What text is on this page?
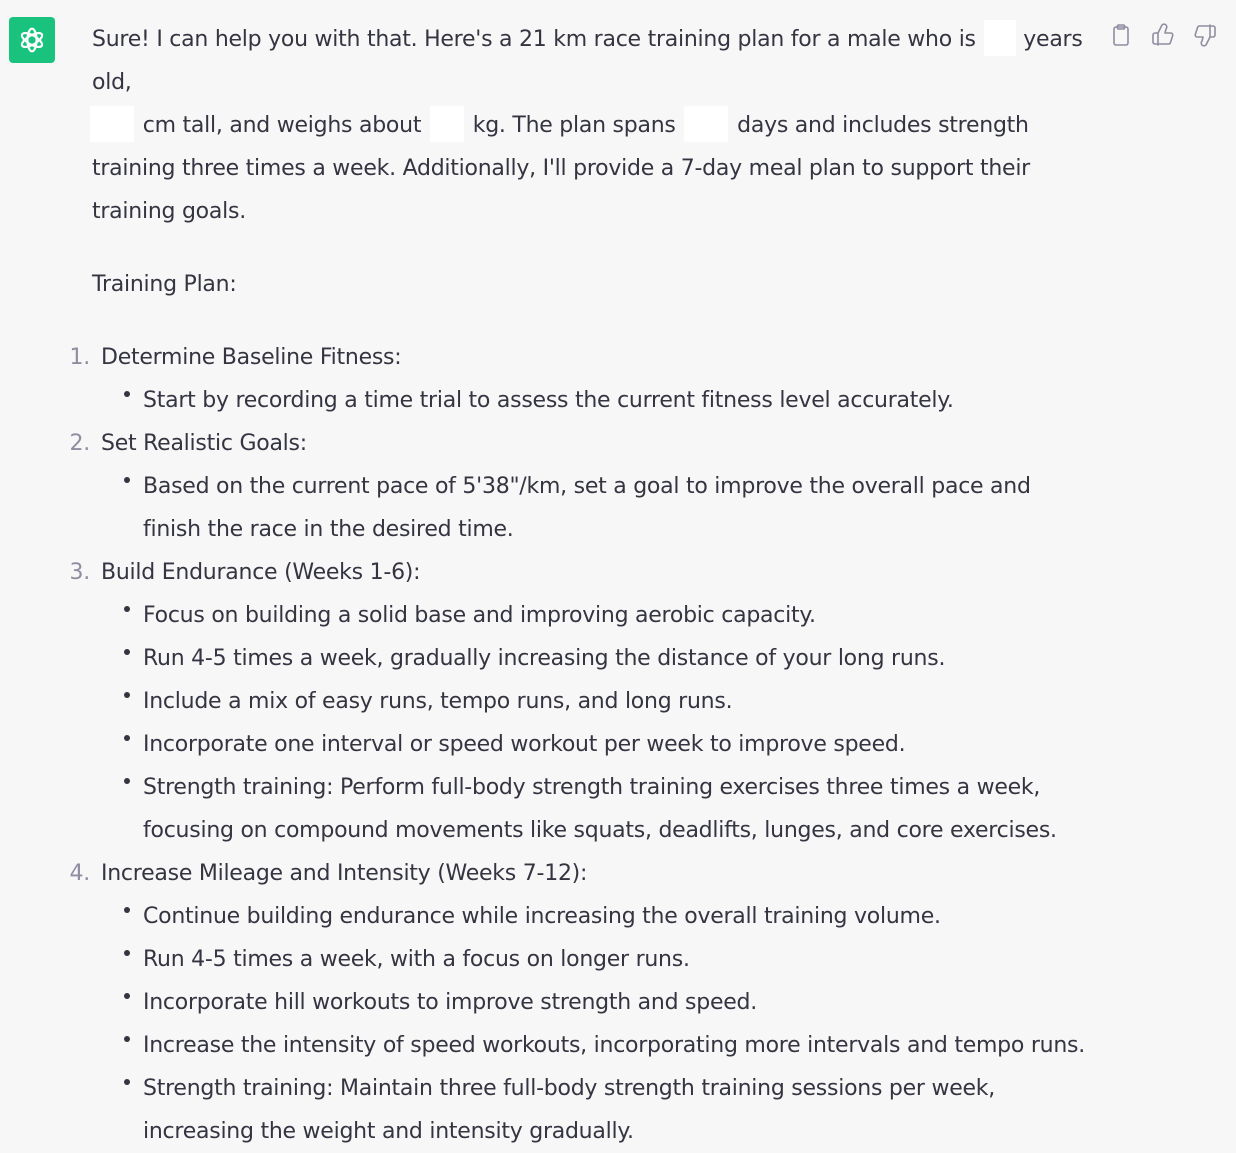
Sure! I can help you with that. Here's a 21 km race training plan for a male who is years old,
cm tall, and weighs about kg. The plan spans	days and includes strength training three times a week. Additionally, I'll provide a 7-day meal plan to support their training goals.

Training Plan:

1. Determine Baseline Fitness:
Start by recording a time trial to assess the current fitness level accurately.
2. Set Realistic Goals:
Based on the current pace of 5'38"/km, set a goal to improve the overall pace and finish the race in the desired time.
3. Build Endurance (Weeks 1-6):
Focus on building a solid base and improving aerobic capacity.
Run 4-5 times a week, gradually increasing the distance of your long runs.
Include a mix of easy runs, tempo runs, and long runs.
Incorporate one interval or speed workout per week to improve speed.
Strength training: Perform full-body strength training exercises three times a week, focusing on compound movements like squats, deadlifts, lunges, and core exercises.
4. Increase Mileage and Intensity (Weeks 7-12):
Continue building endurance while increasing the overall training volume.
Run 4-5 times a week, with a focus on longer runs.
Incorporate hill workouts to improve strength and speed.
Increase the intensity of speed workouts, incorporating more intervals and tempo runs.
Strength training: Maintain three full-body strength training sessions per week, increasing the weight and intensity gradually.
